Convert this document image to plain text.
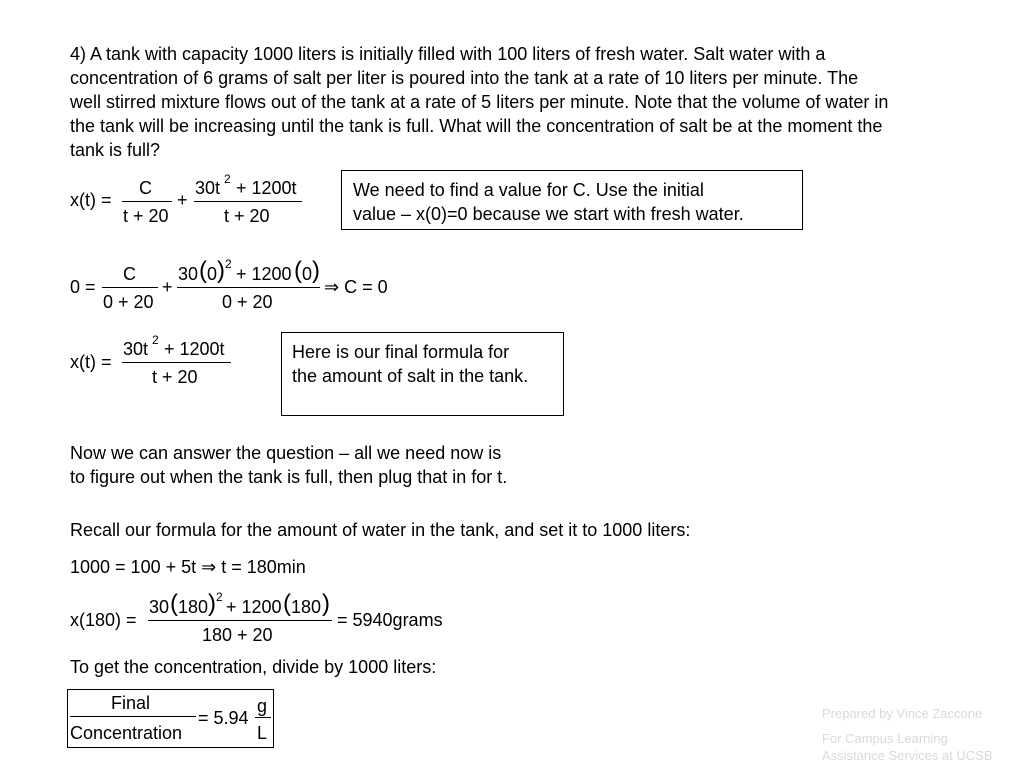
4) A tank with capacity 1000 liters is initially filled with 100 liters of fresh water. Salt water with a
concentration of 6 grams of salt per liter is poured into the tank at a rate of 10 liters per minute. The
well stirred mixture flows out of the tank at a rate of 5 liters per minute. Note that the volume of water in
the tank will be increasing until the tank is full. What will the concentration of salt be at the moment the
tank is full?
x(t) =
C
t + 20
+
30t 2 + 1200t
t + 20
We need to find a value for C. Use the initial
value – x(0)=0 because we start with fresh water.
0 =
C
0 + 20
+
30 ( 0 ) 2 + 1200 ( 0 )
0 + 20
⇒ C = 0
x(t) =
30t 2 + 1200t
t + 20
Here is our final formula for
the amount of salt in the tank.
Now we can answer the question – all we need now is
to figure out when the tank is full, then plug that in for t.
Recall our formula for the amount of water in the tank, and set it to 1000 liters:
1000 = 100 + 5t ⇒ t = 180min
x(180) =
30 ( 180 ) 2 + 1200 ( 180 )
180 + 20
= 5940grams
To get the concentration, divide by 1000 liters:
Final
Concentration
= 5.94
g
L
Prepared by Vince Zaccone
For Campus Learning
Assistance Services at UCSB
